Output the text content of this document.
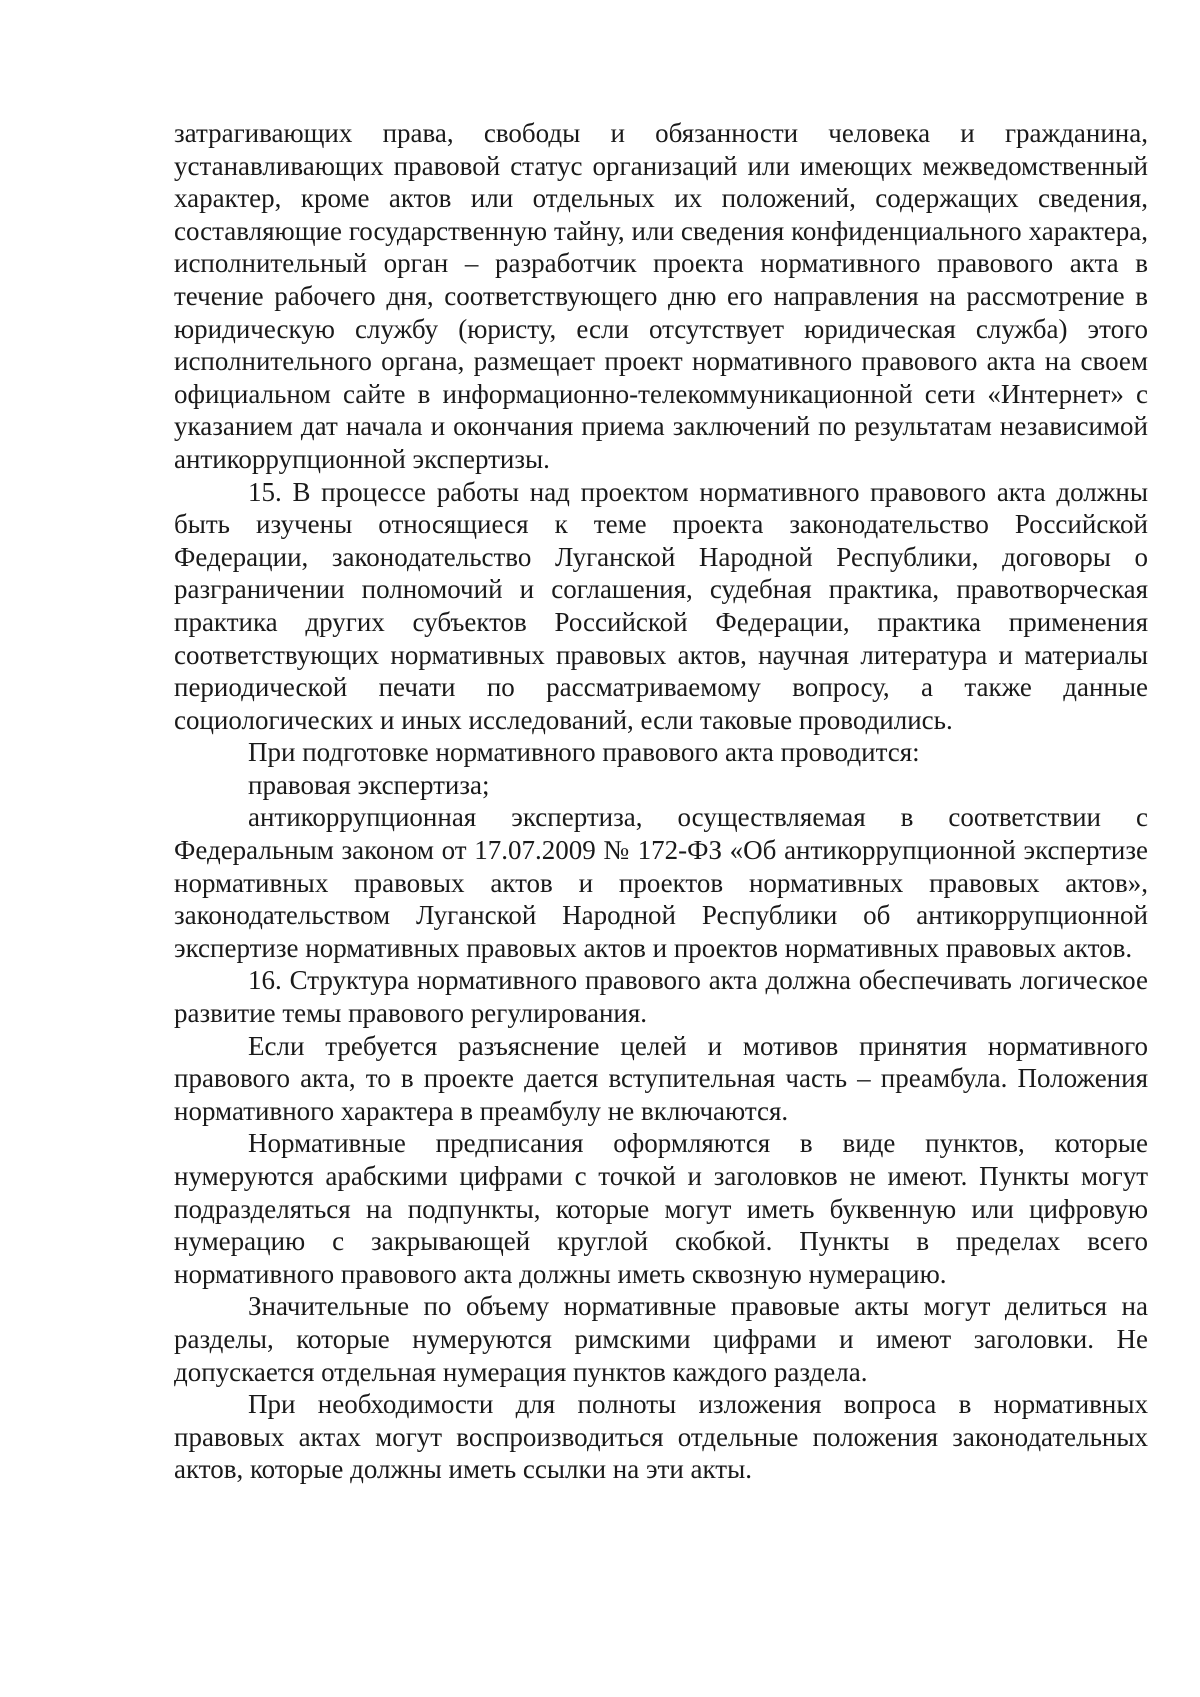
затрагивающих права, свободы и обязанности человека и гражданина, устанавливающих правовой статус организаций или имеющих межведомственный характер, кроме актов или отдельных их положений, содержащих сведения, составляющие государственную тайну, или сведения конфиденциального характера, исполнительный орган – разработчик проекта нормативного правового акта в течение рабочего дня, соответствующего дню его направления на рассмотрение в юридическую службу (юристу, если отсутствует юридическая служба) этого исполнительного органа, размещает проект нормативного правового акта на своем официальном сайте в информационно-телекоммуникационной сети «Интернет» с указанием дат начала и окончания приема заключений по результатам независимой антикоррупционной экспертизы.

15. В процессе работы над проектом нормативного правового акта должны быть изучены относящиеся к теме проекта законодательство Российской Федерации, законодательство Луганской Народной Республики, договоры о разграничении полномочий и соглашения, судебная практика, правотворческая практика других субъектов Российской Федерации, практика применения соответствующих нормативных правовых актов, научная литература и материалы периодической печати по рассматриваемому вопросу, а также данные социологических и иных исследований, если таковые проводились.

При подготовке нормативного правового акта проводится:

правовая экспертиза;

антикоррупционная экспертиза, осуществляемая в соответствии с Федеральным законом от 17.07.2009 № 172-ФЗ «Об антикоррупционной экспертизе нормативных правовых актов и проектов нормативных правовых актов», законодательством Луганской Народной Республики об антикоррупционной экспертизе нормативных правовых актов и проектов нормативных правовых актов.

16. Структура нормативного правового акта должна обеспечивать логическое развитие темы правового регулирования.

Если требуется разъяснение целей и мотивов принятия нормативного правового акта, то в проекте дается вступительная часть – преамбула. Положения нормативного характера в преамбулу не включаются.

Нормативные предписания оформляются в виде пунктов, которые нумеруются арабскими цифрами с точкой и заголовков не имеют. Пункты могут подразделяться на подпункты, которые могут иметь буквенную или цифровую нумерацию с закрывающей круглой скобкой. Пункты в пределах всего нормативного правового акта должны иметь сквозную нумерацию.

Значительные по объему нормативные правовые акты могут делиться на разделы, которые нумеруются римскими цифрами и имеют заголовки. Не допускается отдельная нумерация пунктов каждого раздела.

При необходимости для полноты изложения вопроса в нормативных правовых актах могут воспроизводиться отдельные положения законодательных актов, которые должны иметь ссылки на эти акты.
